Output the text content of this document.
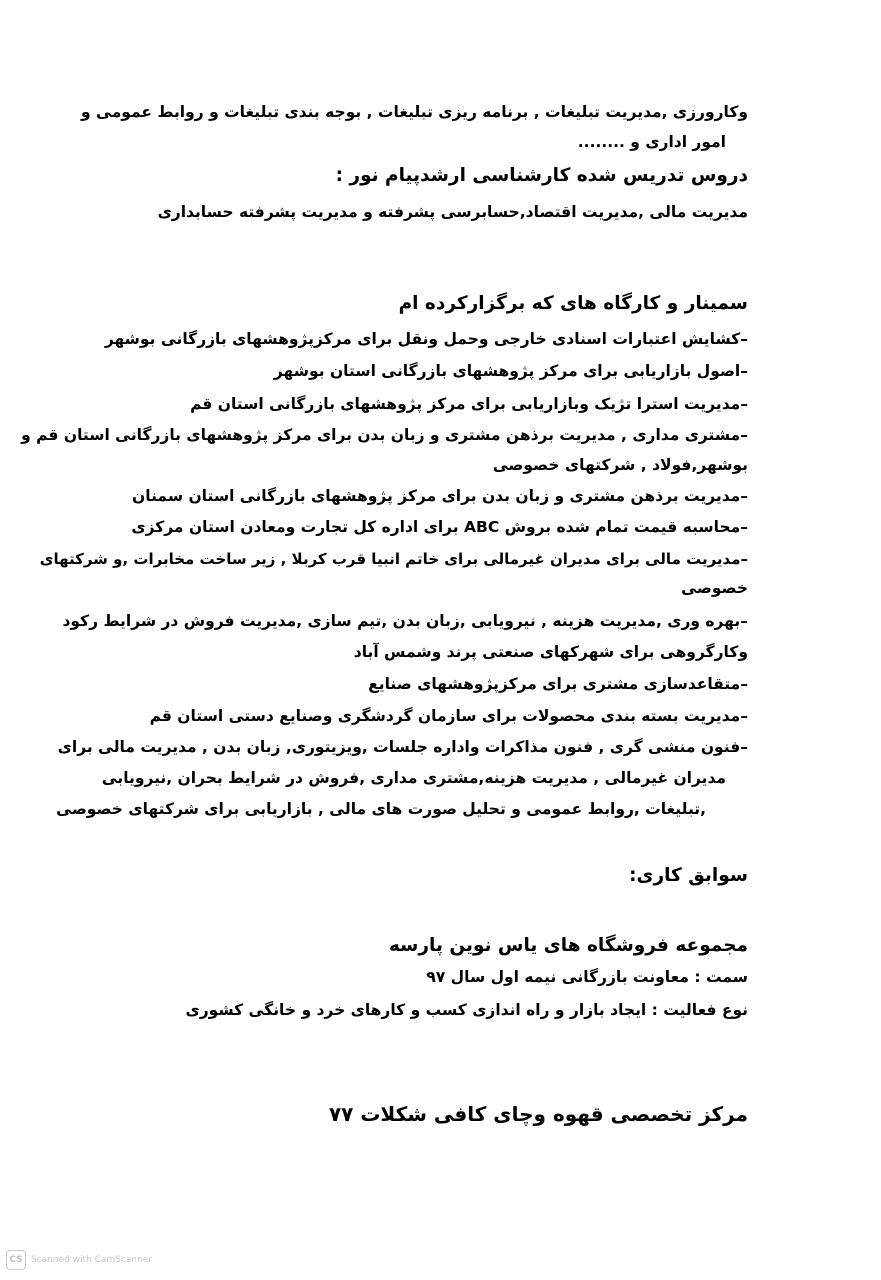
وکارورزی ,مدیریت تبلیغات , برنامه ریزی تبلیغات , بوجه بندی تبلیغات و روابط عمومی و
امور اداری و ........
دروس تدریس شده کارشناسی ارشدپیام نور :
مدیریت مالی ,مدیریت اقتصاد,حسابرسی پشرفته و مدیریت پشرفته حسابداری
سمینار و کارگاه های که برگزارکرده ام
–کشایش اعتبارات اسنادی خارجی وحمل ونقل برای مرکزپژوهشهای بازرگانی بوشهر
–اصول بازاریابی برای مرکز پژوهشهای بازرگانی استان بوشهر
–مدیریت استرا تژیک وبازاریابی برای مرکز پژوهشهای بازرگانی استان قم
–مشتری مداری , مدیریت برذهن مشتری و زبان بدن برای مرکز پژوهشهای بازرگانی استان قم و
بوشهر,فولاد , شرکتهای خصوصی
–مدیریت برذهن مشتری و زبان بدن برای مرکز پژوهشهای بازرگانی استان سمنان
–محاسبه قیمت تمام شده بروش ABC برای اداره کل تجارت ومعادن استان مرکزی
–مدیریت مالی برای مدیران غیرمالی برای خاتم انبیا قرب کربلا , زیر ساخت مخابرات ,و شرکتهای
خصوصی
–بهره وری ,مدیریت هزینه , نیرویابی ,زبان بدن ,تیم سازی ,مدیریت فروش در شرایط رکود
وکارگروهی برای شهرکهای صنعتی پرند وشمس آباد
–متقاعدسازی مشتری برای مرکزپژوهشهای صنایع
–مدیریت بسته بندی محصولات برای سازمان گردشگری وصنایع دستی استان قم
–فنون منشی گری , فنون مذاکرات واداره جلسات ,ویزیتوری, زبان بدن , مدیریت مالی برای
مدیران غیرمالی , مدیریت هزینه,مشتری مداری ,فروش در شرایط بحران ,نیرویابی
,تبلیغات ,روابط عمومی و تحلیل صورت های مالی , بازاریابی برای شرکتهای خصوصی
سوابق کاری:
مجموعه فروشگاه های یاس نوین پارسه
سمت : معاونت بازرگانی نیمه اول سال ۹۷
نوع فعالیت : ایجاد بازار و راه اندازی کسب و کارهای خرد و خانگی کشوری
مرکز تخصصی قهوه وچای کافی شکلات ۷۷
CS Scanned with CamScanner
